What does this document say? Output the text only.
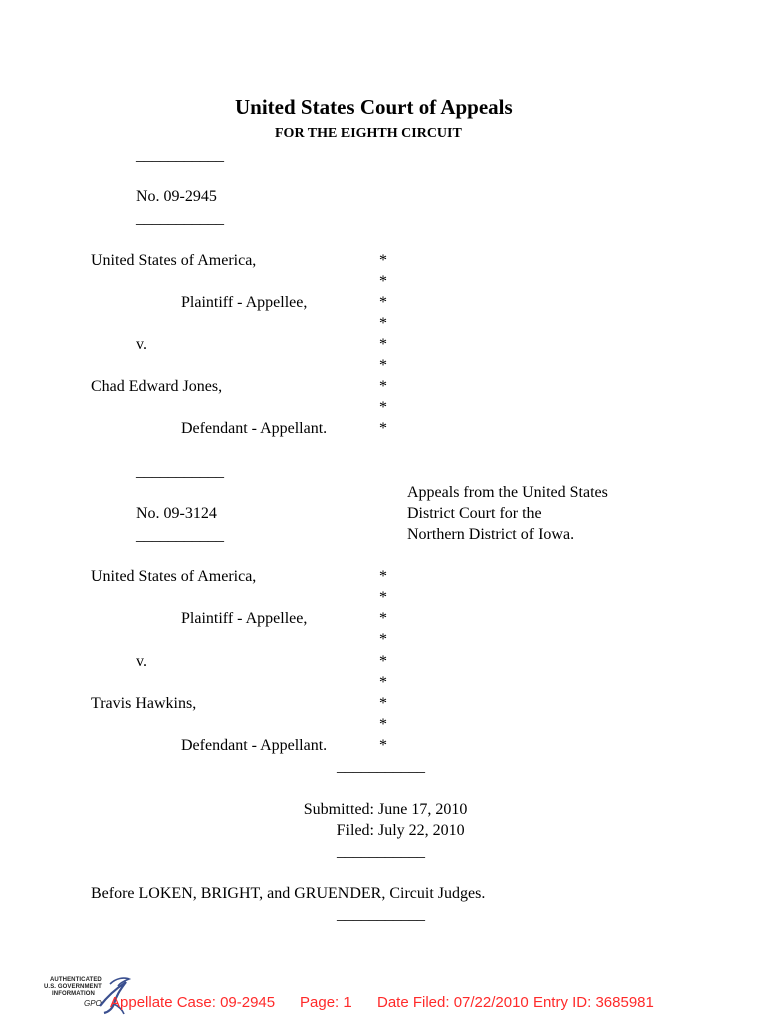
United States Court of Appeals
FOR THE EIGHTH CIRCUIT
___________
No. 09-2945
___________
United States of America,
Plaintiff - Appellee,
v.
Chad Edward Jones,
Defendant - Appellant.
*
*
*
*
*
*
*
*
*
___________
No. 09-3124
___________
Appeals from the United States
District Court for the
Northern District of Iowa.
United States of America,
Plaintiff - Appellee,
v.
Travis Hawkins,
Defendant - Appellant.
*
*
*
*
*
*
*
*
*
___________
Submitted: June 17, 2010
Filed: July 22, 2010
___________
Before LOKEN, BRIGHT, and GRUENDER, Circuit Judges.
___________
AUTHENTICATED
U.S. GOVERNMENT
INFORMATION
GPO Appellate Case: 09-2945 Page: 1 Date Filed: 07/22/2010 Entry ID: 3685981
